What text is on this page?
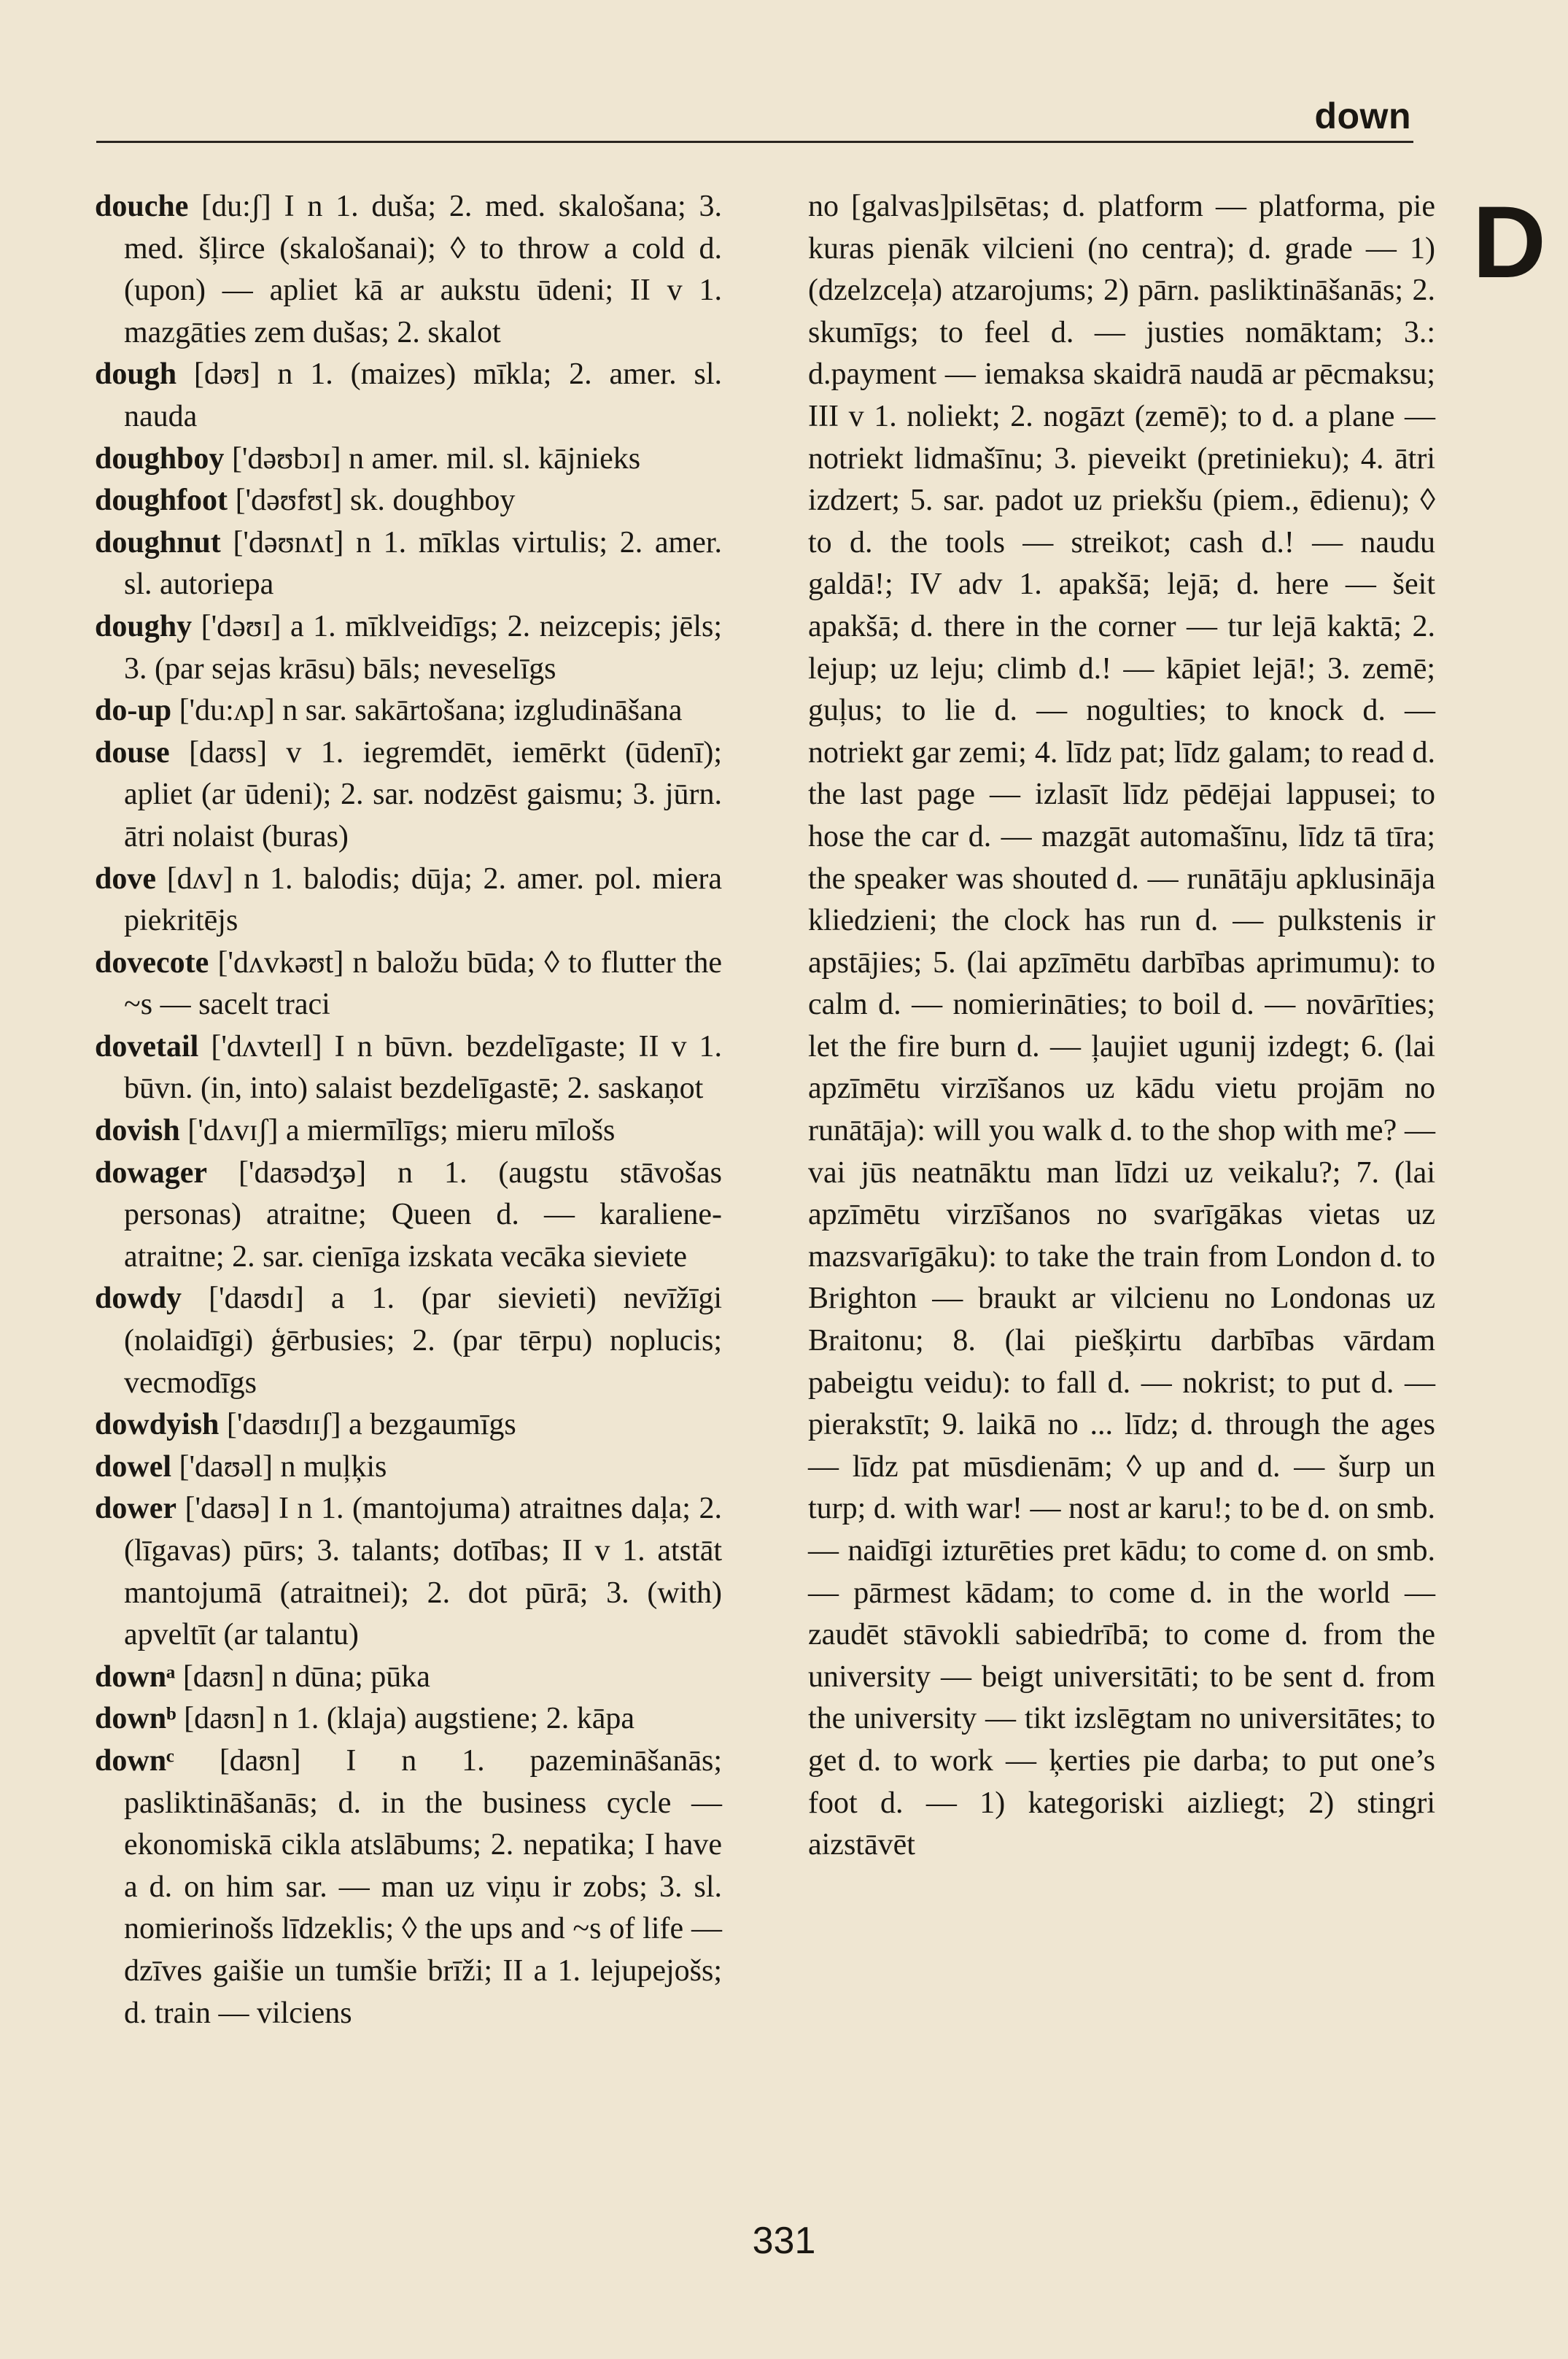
down
D

douche [du:ʃ] I n 1. duša; 2. med. skalošana; 3. med. šļirce (skalošanai); ◊ to throw a cold d. (upon) — apliet kā ar aukstu ūdeni; II v 1. mazgāties zem dušas; 2. skalot

dough [dəʊ] n 1. (maizes) mīkla; 2. amer. sl. nauda

doughboy ['dəʊbɔɪ] n amer. mil. sl. kājnieks

doughfoot ['dəʊfʊt] sk. doughboy

doughnut ['dəʊnʌt] n 1. mīklas virtulis; 2. amer. sl. autoriepa

doughy ['dəʊɪ] a 1. mīklveidīgs; 2. neizcepis; jēls; 3. (par sejas krāsu) bāls; neveselīgs

do-up ['du:ʌp] n sar. sakārtošana; izgludināšana

douse [daʊs] v 1. iegremdēt, iemērkt (ūdenī); apliet (ar ūdeni); 2. sar. nodzēst gaismu; 3. jūrn. ātri nolaist (buras)

dove [dʌv] n 1. balodis; dūja; 2. amer. pol. miera piekritējs

dovecote ['dʌvkəʊt] n baložu būda; ◊ to flutter the ~s — sacelt traci

dovetail ['dʌvteɪl] I n būvn. bezdelīgaste; II v 1. būvn. (in, into) salaist bezdelīgastē; 2. saskaņot

dovish ['dʌvɪʃ] a miermīlīgs; mieru mīlošs

dowager ['daʊədʒə] n 1. (augstu stāvošas personas) atraitne; Queen d. — karaliene-atraitne; 2. sar. cienīga izskata vecāka sieviete

dowdy ['daʊdɪ] a 1. (par sievieti) nevīžīgi (nolaidīgi) ģērbusies; 2. (par tērpu) noplucis; vecmodīgs

dowdyish ['daʊdɪɪʃ] a bezgaumīgs

dowel ['daʊəl] n muļķis

dower ['daʊə] I n 1. (mantojuma) atraitnes daļa; 2. (līgavas) pūrs; 3. talants; dotības; II v 1. atstāt mantojumā (atraitnei); 2. dot pūrā; 3. (with) apveltīt (ar talantu)

downᵃ [daʊn] n dūna; pūka

downᵇ [daʊn] n 1. (klaja) augstiene; 2. kāpa

downᶜ [daʊn] I n 1. pazemināšanās; pasliktināšanās; d. in the business cycle — ekonomiskā cikla atslābums; 2. nepatika; I have a d. on him sar. — man uz viņu ir zobs; 3. sl. nomierinošs līdzeklis; ◊ the ups and ~s of life — dzīves gaišie un tumšie brīži; II a 1. lejupejošs; d. train — vilciens

no [galvas]pilsētas; d. platform — platforma, pie kuras pienāk vilcieni (no centra); d. grade — 1) (dzelzceļa) atzarojums; 2) pārn. pasliktināšanās; 2. skumīgs; to feel d. — justies nomāktam; 3.: d.payment — iemaksa skaidrā naudā ar pēcmaksu; III v 1. noliekt; 2. nogāzt (zemē); to d. a plane — notriekt lidmašīnu; 3. pieveikt (pretinieku); 4. ātri izdzert; 5. sar. padot uz priekšu (piem., ēdienu); ◊ to d. the tools — streikot; cash d.! — naudu galdā!; IV adv 1. apakšā; lejā; d. here — šeit apakšā; d. there in the corner — tur lejā kaktā; 2. lejup; uz leju; climb d.! — kāpiet lejā!; 3. zemē; guļus; to lie d. — nogulties; to knock d. — notriekt gar zemi; 4. līdz pat; līdz galam; to read d. the last page — izlasīt līdz pēdējai lappusei; to hose the car d. — mazgāt automašīnu, līdz tā tīra; the speaker was shouted d. — runātāju apklusināja kliedzieni; the clock has run d. — pulkstenis ir apstājies; 5. (lai apzīmētu darbības aprimumu): to calm d. — nomierināties; to boil d. — novārīties; let the fire burn d. — ļaujiet ugunij izdegt; 6. (lai apzīmētu virzīšanos uz kādu vietu projām no runātāja): will you walk d. to the shop with me? — vai jūs neatnāktu man līdzi uz veikalu?; 7. (lai apzīmētu virzīšanos no svarīgākas vietas uz mazsvarīgāku): to take the train from London d. to Brighton — braukt ar vilcienu no Londonas uz Braitonu; 8. (lai piešķirtu darbības vārdam pabeigtu veidu): to fall d. — nokrist; to put d. — pierakstīt; 9. laikā no ... līdz; d. through the ages — līdz pat mūsdienām; ◊ up and d. — šurp un turp; d. with war! — nost ar karu!; to be d. on smb.— naidīgi izturēties pret kādu; to come d. on smb.— pārmest kādam; to come d. in the world — zaudēt stāvokli sabiedrībā; to come d. from the university — beigt universitāti; to be sent d. from the university — tikt izslēgtam no universitātes; to get d. to work — ķerties pie darba; to put one’s foot d. — 1) kategoriski aizliegt; 2) stingri aizstāvēt

331
